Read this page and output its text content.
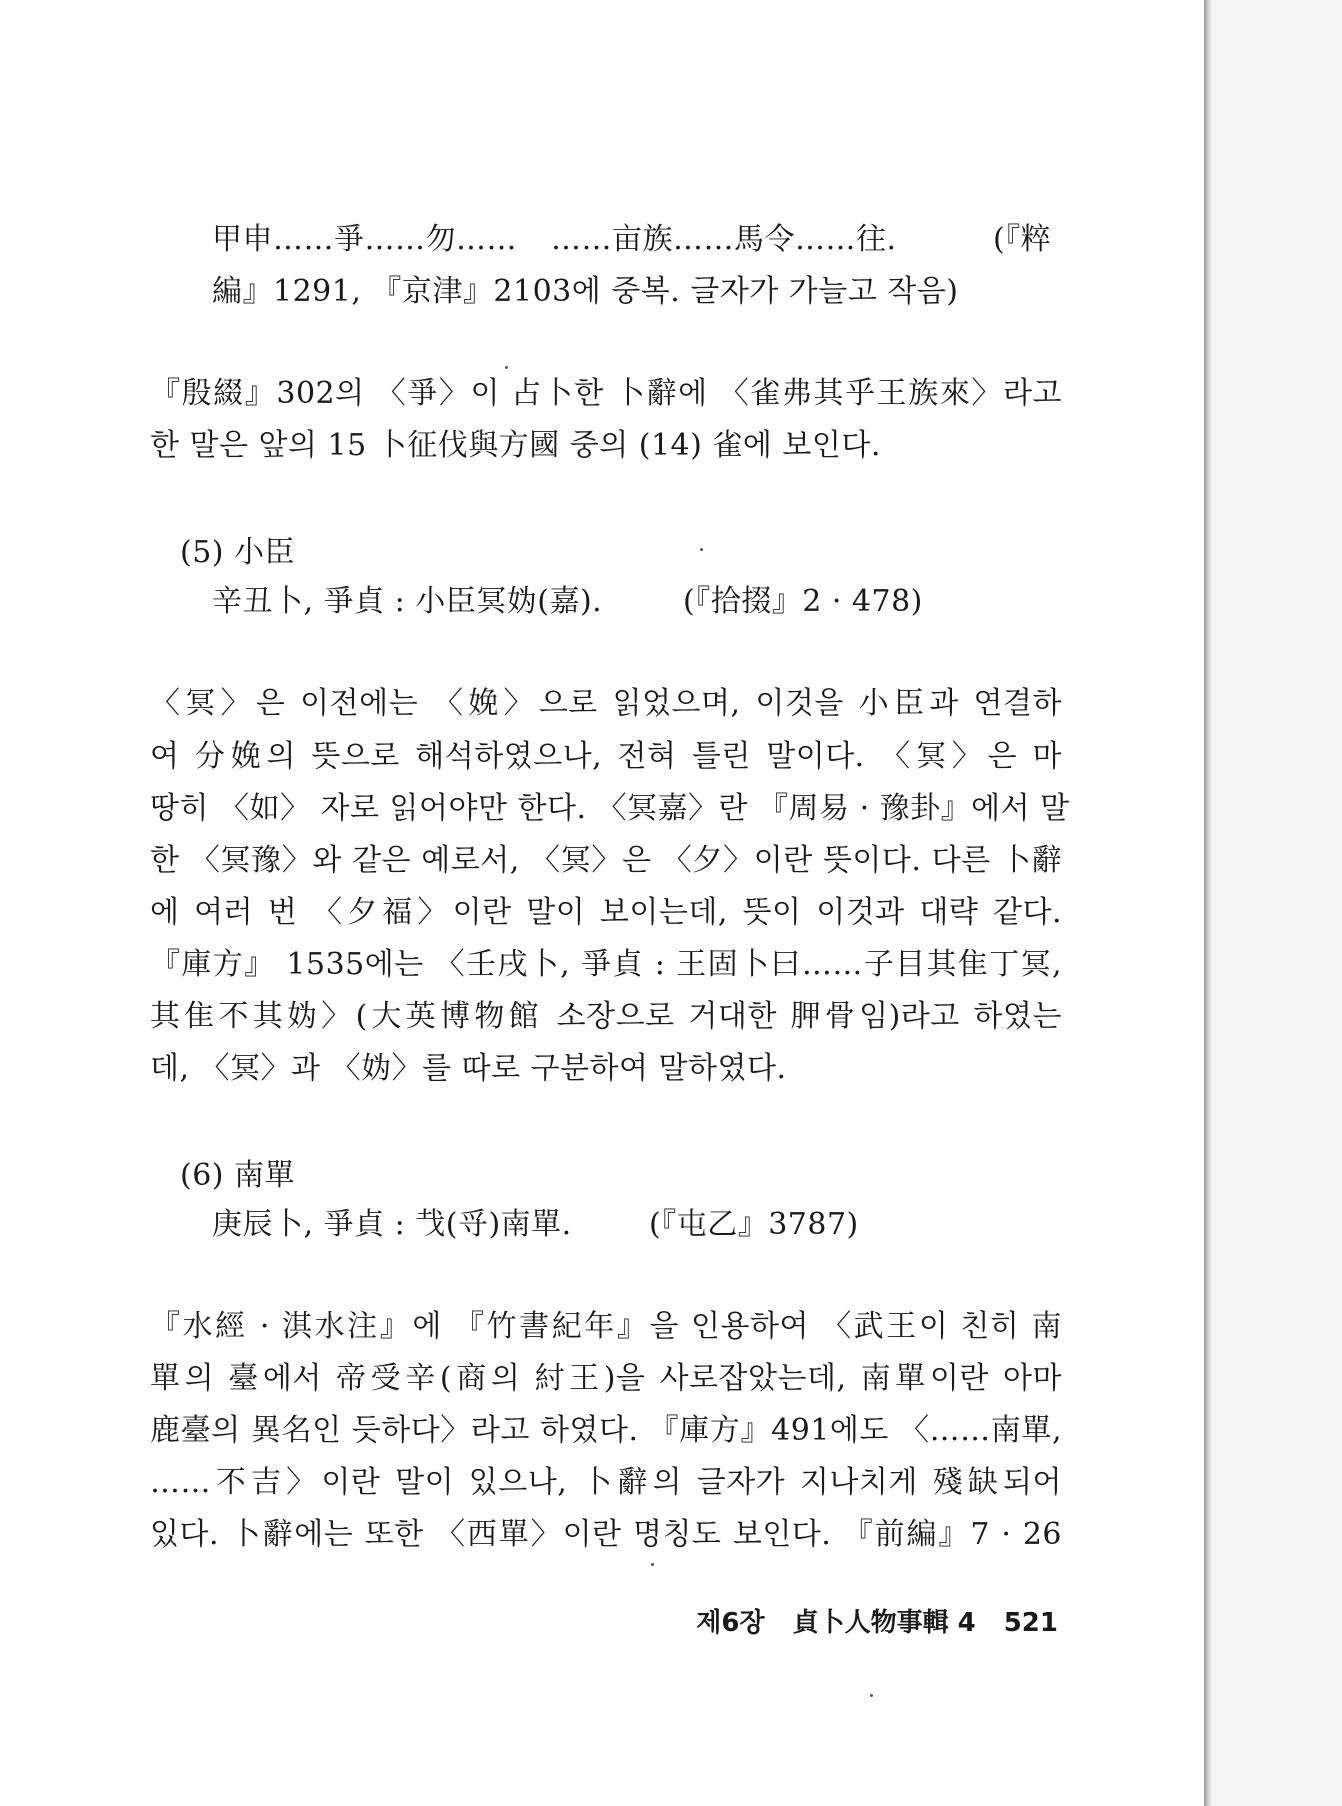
甲申……爭……勿…… ……亩族……馬令……往.	(『粹
編』1291, 『京津』2103에 중복. 글자가 가늘고 작음)
『殷綴』302의 〈爭〉이 占卜한 卜辭에 〈雀弗其乎王族來〉라고
한 말은 앞의 15 卜征伐與方國 중의 (14) 雀에 보인다.
(5) 小臣
辛丑卜, 爭貞 : 小臣冥妫(嘉).	(『拾掇』2 · 478)
〈冥〉은 이전에는 〈娩〉으로 읽었으며, 이것을 小臣과 연결하
여 分娩의 뜻으로 해석하였으나, 전혀 틀린 말이다. 〈冥〉은 마
땅히 〈如〉 자로 읽어야만 한다. 〈冥嘉〉란 『周易 · 豫卦』에서 말
한 〈冥豫〉와 같은 예로서, 〈冥〉은 〈夕〉이란 뜻이다. 다른 卜辭
에 여러 번 〈夕福〉이란 말이 보이는데, 뜻이 이것과 대략 같다.
『庫方』 1535에는 〈壬戌卜, 爭貞 : 王固卜曰……子目其隹丁冥,
其隹不其妫〉(大英博物館 소장으로 거대한 胛骨임)라고 하였는
데, 〈冥〉과 〈妫〉를 따로 구분하여 말하였다.
(6) 南單
庚辰卜, 爭貞 : 𢦏(寽)南單.	(『屯乙』3787)
『水經 · 淇水注』에 『竹書紀年』을 인용하여 〈武王이 친히 南
單의 臺에서 帝受辛(商의 紂王)을 사로잡았는데, 南單이란 아마
鹿臺의 異名인 듯하다〉라고 하였다. 『庫方』491에도 〈……南單,
……不吉〉이란 말이 있으나, 卜辭의 글자가 지나치게 殘缺되어
있다. 卜辭에는 또한 〈西單〉이란 명칭도 보인다. 『前編』7 · 26
제6장 貞卜人物事輯 4 521
